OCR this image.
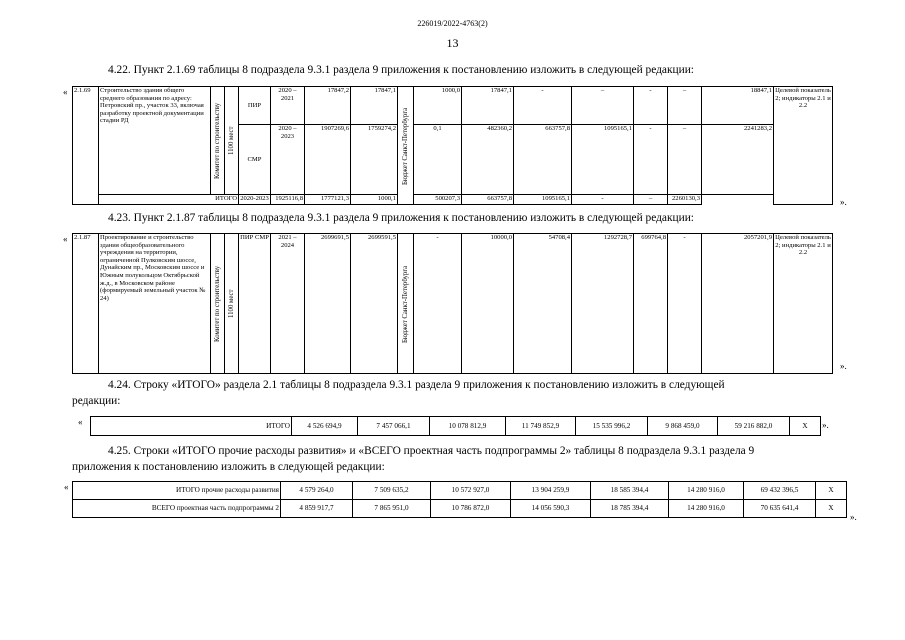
226019/2022-4763(2)
13
4.22. Пункт 2.1.69 таблицы 8 подраздела 9.3.1 раздела 9 приложения к постановлению изложить в следующей редакции:
«
».
2.1.69	Строительство здания общего среднего образования по адресу: Петровский пр., участок 33, включая разработку проектной документации стадии РД	Комитет по строительству	1100 мест	ПИР	2020 – 2021	17847,2	17847,1	Бюджет Санкт-Петербурга	1000,0	17847,1	-	–	-	–	18847,1	Целевой показатель 2; индикаторы 2.1 и 2.2
				СМР	2020 – 2023	1907269,6	1759274,2		0,1	482360,2	663757,8	1095165,1	-	–	2241283,2	
	ИТОГО			2020-2023	1925116,8	1777121,3	1000,1		500207,3	663757,8	1095165,1	-	–	2260130,3		
4.23. Пункт 2.1.87 таблицы 8 подраздела 9.3.1 раздела 9 приложения к постановлению изложить в следующей редакции:
«
».
2.1.87	Проектирование и строительство здания общеобразовательного учреждения на территории, ограниченной Пулковским шоссе, Дунайским пр., Московским шоссе и Южным полукольцом Октябрьской ж.д., в Московском районе (формируемый земельный участок № 24)	Комитет по строительству	1100 мест	ПИР СМР	2021 – 2024	2699691,5	2699591,5	Бюджет Санкт-Петербурга	-	10000,0	54708,4	1292728,7	699764,8	-	2057201,9	Целевой показатель 2; индикаторы 2.1 и 2.2
4.24. Строку «ИТОГО» раздела 2.1 таблицы 8 подраздела 9.3.1 раздела 9 приложения к постановлению изложить в следующей
редакции:
«	».
ИТОГО	4 526 694,9	7 457 066,1	10 078 812,9	11 749 852,9	15 535 996,2	9 868 459,0	59 216 882,0	X
4.25. Строки «ИТОГО прочие расходы развития» и «ВСЕГО проектная часть подпрограммы 2» таблицы 8 подраздела 9.3.1 раздела 9
приложения к постановлению изложить в следующей редакции:
«
».
ИТОГО прочие расходы развития	4 579 264,0	7 509 635,2	10 572 927,0	13 904 259,9	18 585 394,4	14 280 916,0	69 432 396,5	X
ВСЕГО проектная часть подпрограммы 2	4 859 917,7	7 865 951,0	10 786 872,0	14 056 590,3	18 785 394,4	14 280 916,0	70 635 641,4	X
